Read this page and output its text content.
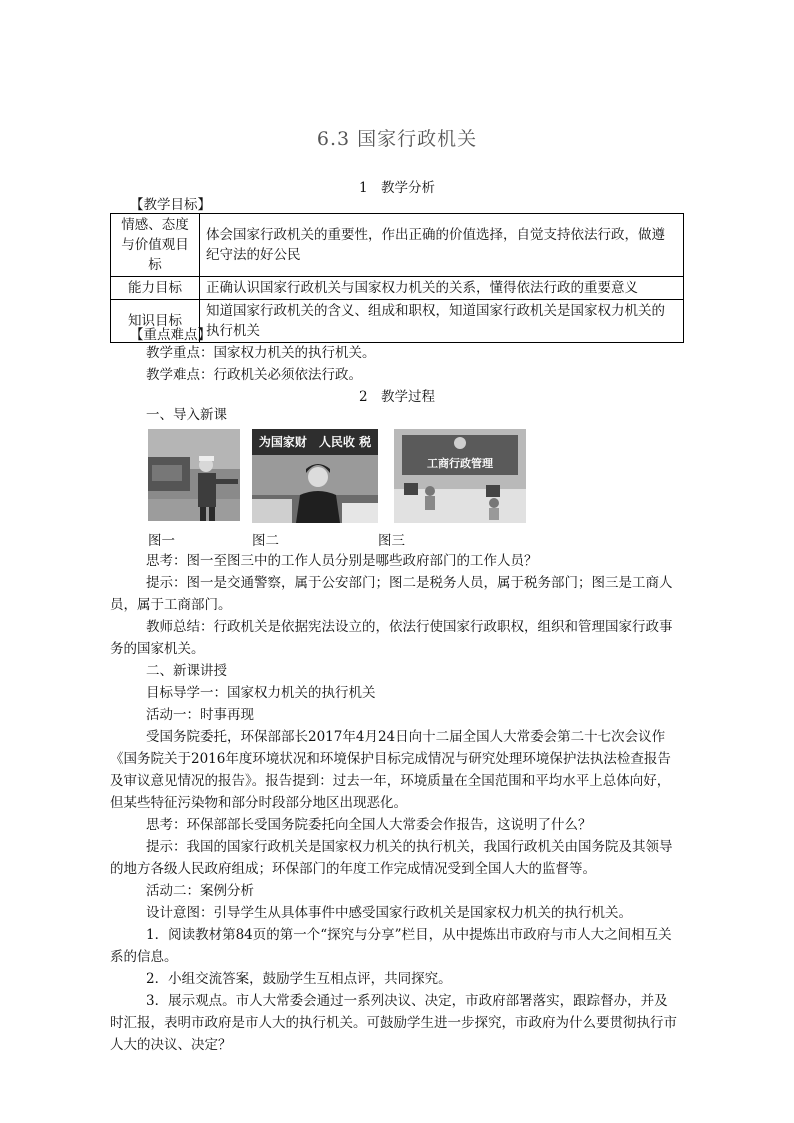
6.3 国家行政机关
1　教学分析
【教学目标】
情感、态度与价值观目标	体会国家行政机关的重要性，作出正确的价值选择，自觉支持依法行政，做遵纪守法的好公民
能力目标	正确认识国家行政机关与国家权力机关的关系，懂得依法行政的重要意义
知识目标	知道国家行政机关的含义、组成和职权，知道国家行政机关是国家权力机关的执行机关
【重点难点】
教学重点：国家权力机关的执行机关。
教学难点：行政机关必须依法行政。
2　教学过程
一、导入新课
为国家财　人民收 税
工商行政管理
图一	图二	图三

思考：图一至图三中的工作人员分别是哪些政府部门的工作人员？

提示：图一是交通警察，属于公安部门；图二是税务人员，属于税务部门；图三是工商人员，属于工商部门。

教师总结：行政机关是依据宪法设立的，依法行使国家行政职权，组织和管理国家行政事务的国家机关。

二、新课讲授

目标导学一：国家权力机关的执行机关

活动一：时事再现

受国务院委托，环保部部长2017年4月24日向十二届全国人大常委会第二十七次会议作《国务院关于2016年度环境状况和环境保护目标完成情况与研究处理环境保护法执法检查报告及审议意见情况的报告》。报告提到：过去一年，环境质量在全国范围和平均水平上总体向好，但某些特征污染物和部分时段部分地区出现恶化。

思考：环保部部长受国务院委托向全国人大常委会作报告，这说明了什么？

提示：我国的国家行政机关是国家权力机关的执行机关，我国行政机关由国务院及其领导的地方各级人民政府组成；环保部门的年度工作完成情况受到全国人大的监督等。

活动二：案例分析

设计意图：引导学生从具体事件中感受国家行政机关是国家权力机关的执行机关。

1．阅读教材第84页的第一个“探究与分享”栏目，从中提炼出市政府与市人大之间相互关系的信息。

2．小组交流答案，鼓励学生互相点评，共同探究。

3．展示观点。市人大常委会通过一系列决议、决定，市政府部署落实，跟踪督办，并及时汇报，表明市政府是市人大的执行机关。可鼓励学生进一步探究，市政府为什么要贯彻执行市人大的决议、决定？
